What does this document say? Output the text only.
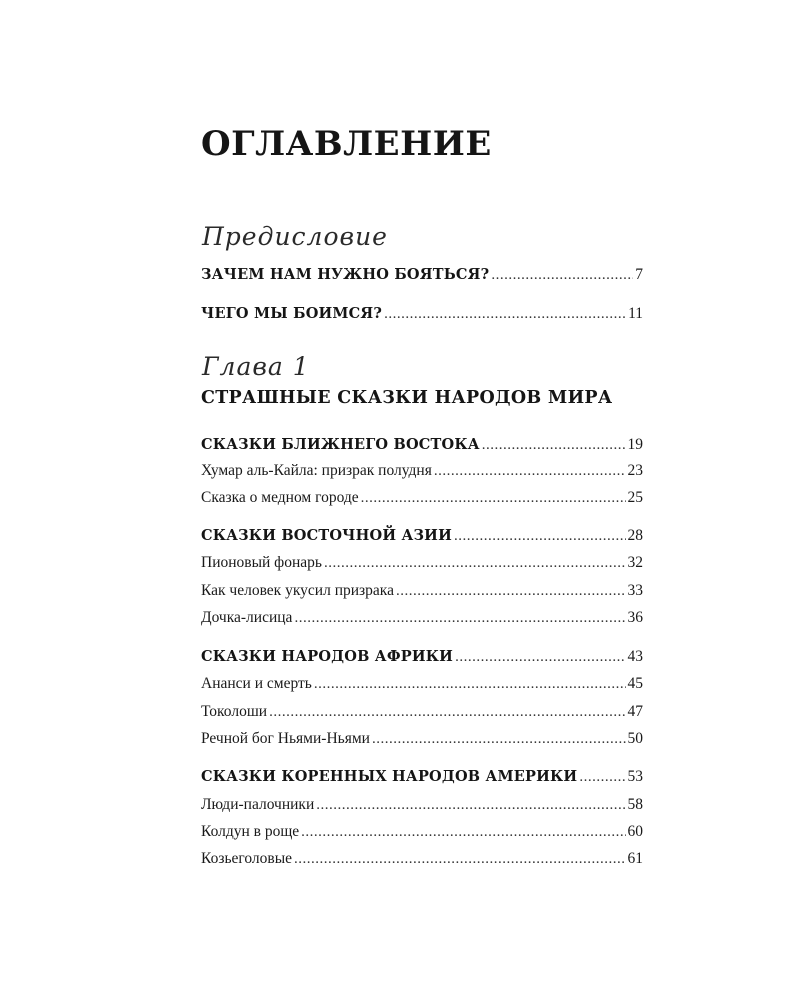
ОГЛАВЛЕНИЕ
Предисловие
ЗАЧЕМ НАМ НУЖНО БОЯТЬСЯ? .....	7
ЧЕГО МЫ БОИМСЯ? .....	11
Глава 1
СТРАШНЫЕ СКАЗКИ НАРОДОВ МИРА
СКАЗКИ БЛИЖНЕГО ВОСТОКА .....	19
Хумар аль-Кайла: призрак полудня .....	23
Сказка о медном городе .....	25
СКАЗКИ ВОСТОЧНОЙ АЗИИ .....	28
Пионовый фонарь .....	32
Как человек укусил призрака .....	33
Дочка-лисица .....	36
СКАЗКИ НАРОДОВ АФРИКИ .....	43
Ананси и смерть .....	45
Токолоши .....	47
Речной бог Ньями-Ньями .....	50
СКАЗКИ КОРЕННЫХ НАРОДОВ АМЕРИКИ .....	53
Люди-палочники .....	58
Колдун в роще .....	60
Козьеголовые .....	61
